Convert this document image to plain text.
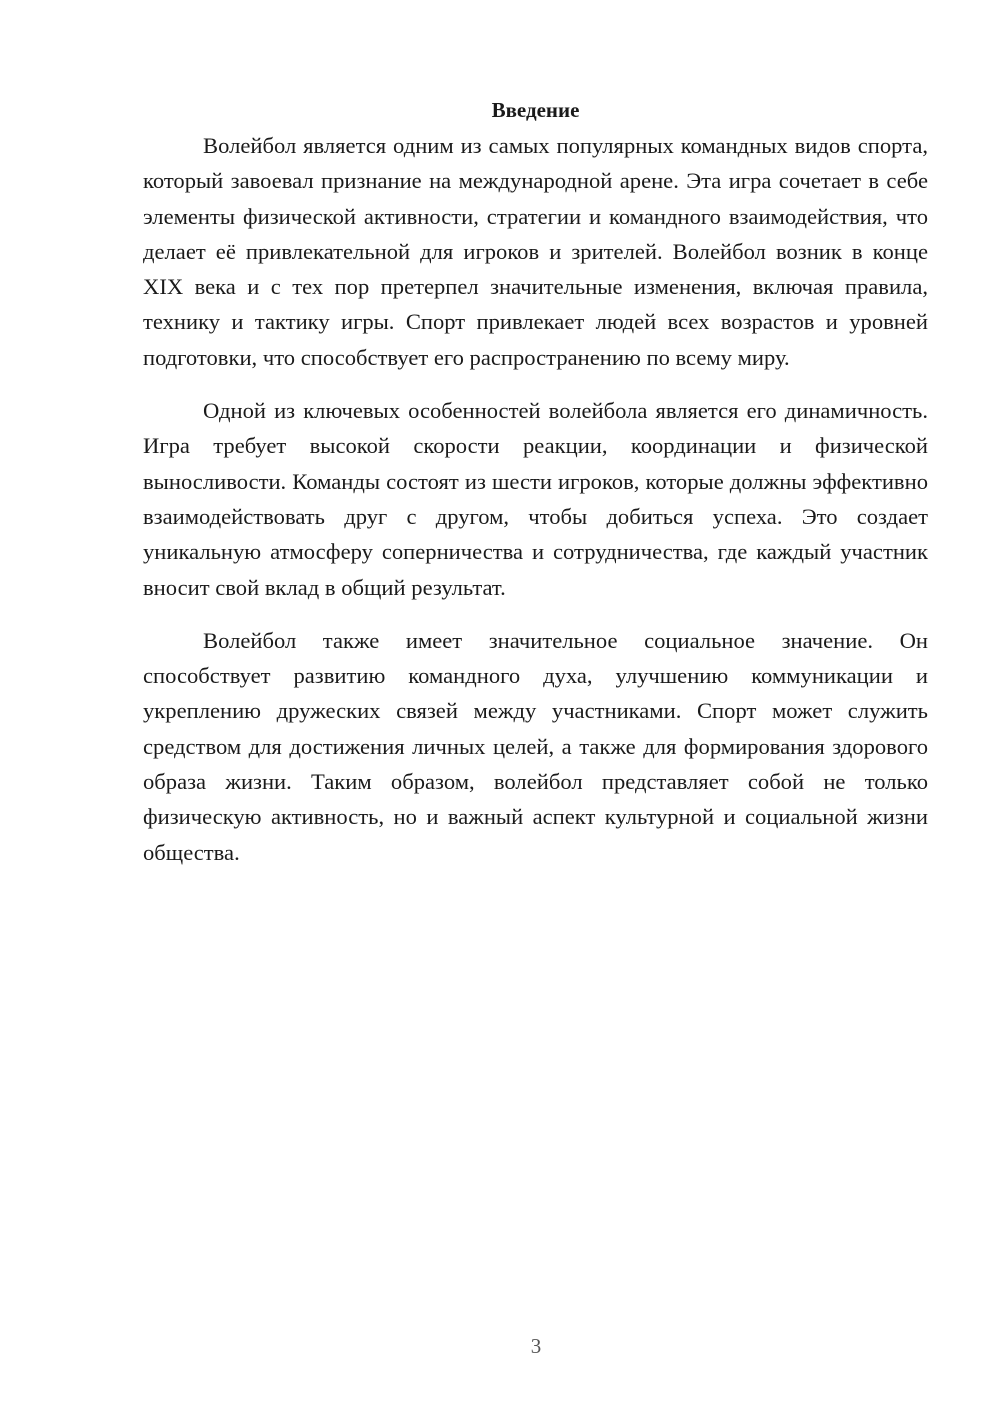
Введение

Волейбол является одним из самых популярных командных видов спорта, который завоевал признание на международной арене. Эта игра сочетает в себе элементы физической активности, стратегии и командного взаимодействия, что делает её привлекательной для игроков и зрителей. Волейбол возник в конце XIX века и с тех пор претерпел значительные изменения, включая правила, технику и тактику игры. Спорт привлекает людей всех возрастов и уровней подготовки, что способствует его распространению по всему миру.

Одной из ключевых особенностей волейбола является его динамичность. Игра требует высокой скорости реакции, координации и физической выносливости. Команды состоят из шести игроков, которые должны эффективно взаимодействовать друг с другом, чтобы добиться успеха. Это создает уникальную атмосферу соперничества и сотрудничества, где каждый участник вносит свой вклад в общий результат.

Волейбол также имеет значительное социальное значение. Он способствует развитию командного духа, улучшению коммуникации и укреплению дружеских связей между участниками. Спорт может служить средством для достижения личных целей, а также для формирования здорового образа жизни. Таким образом, волейбол представляет собой не только физическую активность, но и важный аспект культурной и социальной жизни общества.

3
